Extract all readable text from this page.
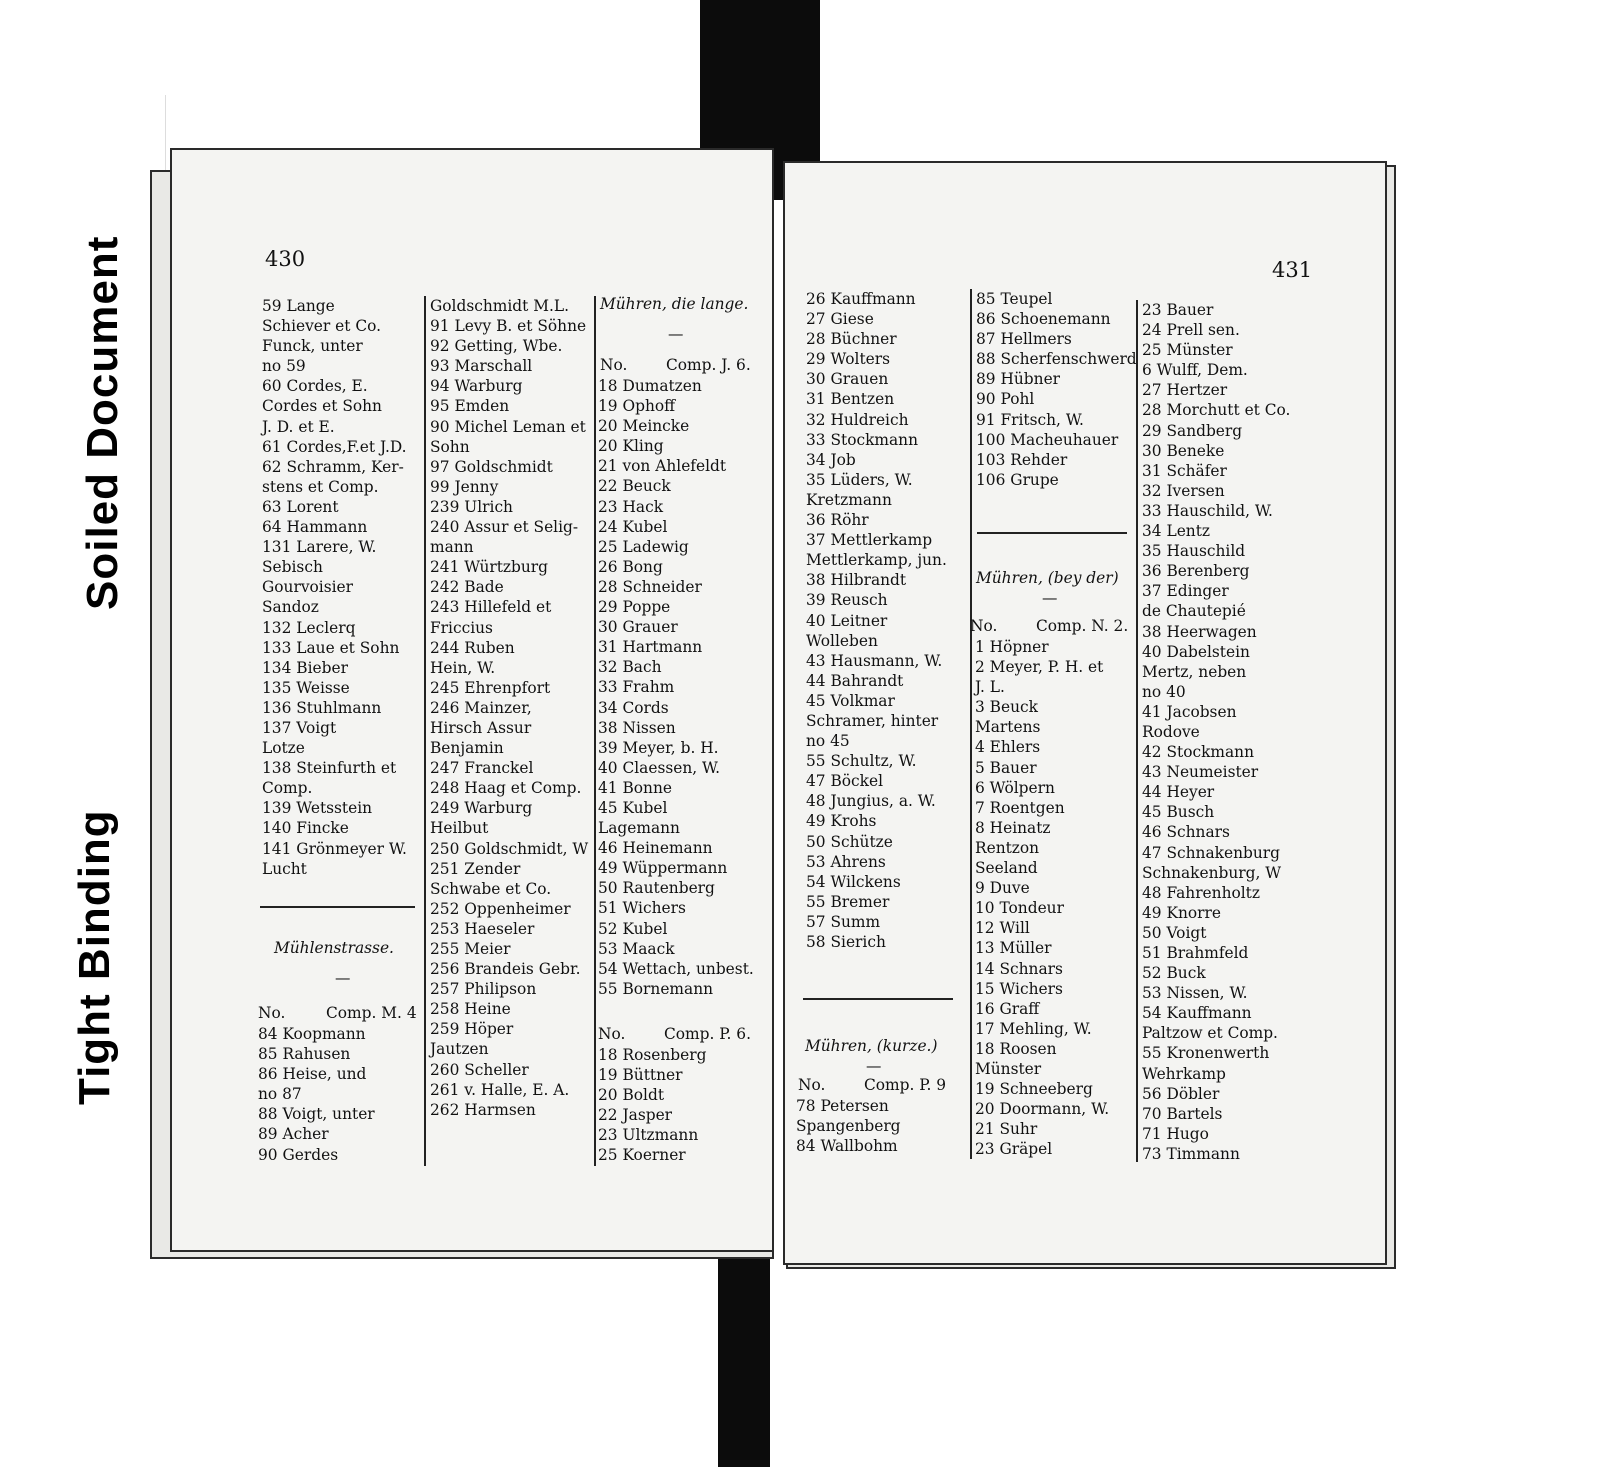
Tight Binding
Soiled Document	430
59 Lange
Schiever et Co.
Funck, unter
no 59
60 Cordes, E.
Cordes et Sohn
J. D. et E.
61 Cordes,F.et J.D.
62 Schramm, Ker-
stens et Comp.
63 Lorent
64 Hammann
131 Larere, W.
Sebisch
Gourvoisier
Sandoz
132 Leclerq
133 Laue et Sohn
134 Bieber
135 Weisse
136 Stuhlmann
137 Voigt
Lotze
138 Steinfurth et
Comp.
139 Wetsstein
140 Fincke
141 Grönmeyer W.
Lucht
Mühlenstrasse.
—
No.	Comp. M. 4
84 Koopmann
85 Rahusen
86 Heise, und
no 87
88 Voigt, unter
89 Acher
90 Gerdes
Goldschmidt M.L.
91 Levy B. et Söhne
92 Getting, Wbe.
93 Marschall
94 Warburg
95 Emden
90 Michel Leman et
Sohn
97 Goldschmidt
99 Jenny
239 Ulrich
240 Assur et Selig-
mann
241 Würtzburg
242 Bade
243 Hillefeld et
Friccius
244 Ruben
Hein, W.
245 Ehrenpfort
246 Mainzer,
Hirsch Assur
Benjamin
247 Franckel
248 Haag et Comp.
249 Warburg
Heilbut
250 Goldschmidt, W
251 Zender
Schwabe et Co.
252 Oppenheimer
253 Haeseler
255 Meier
256 Brandeis Gebr.
257 Philipson
258 Heine
259 Höper
Jautzen
260 Scheller
261 v. Halle, E. A.
262 Harmsen
Mühren, die lange.
—
No.	Comp. J. 6.
18 Dumatzen
19 Ophoff
20 Meincke
20 Kling
21 von Ahlefeldt
22 Beuck
23 Hack
24 Kubel
25 Ladewig
26 Bong
28 Schneider
29 Poppe
30 Grauer
31 Hartmann
32 Bach
33 Frahm
34 Cords
38 Nissen
39 Meyer, b. H.
40 Claessen, W.
41 Bonne
45 Kubel
Lagemann
46 Heinemann
49 Wüppermann
50 Rautenberg
51 Wichers
52 Kubel
53 Maack
54 Wettach, unbest.
55 Bornemann
No.	Comp. P. 6.
18 Rosenberg
19 Büttner
20 Boldt
22 Jasper
23 Ultzmann
25 Koerner
431
26 Kauffmann
27 Giese
28 Büchner
29 Wolters
30 Grauen
31 Bentzen
32 Huldreich
33 Stockmann
34 Job
35 Lüders, W.
Kretzmann
36 Röhr
37 Mettlerkamp
Mettlerkamp, jun.
38 Hilbrandt
39 Reusch
40 Leitner
Wolleben
43 Hausmann, W.
44 Bahrandt
45 Volkmar
Schramer, hinter
no 45
55 Schultz, W.
47 Böckel
48 Jungius, a. W.
49 Krohs
50 Schütze
53 Ahrens
54 Wilckens
55 Bremer
57 Summ
58 Sierich
Mühren, (kurze.)
—
No.	Comp. P. 9
78 Petersen
Spangenberg
84 Wallbohm
85 Teupel
86 Schoenemann
87 Hellmers
88 Scherfenschwerd
89 Hübner
90 Pohl
91 Fritsch, W.
100 Macheuhauer
103 Rehder
106 Grupe
Mühren, (bey der)
—
No.	Comp. N. 2.
1 Höpner
2 Meyer, P. H. et
J. L.
3 Beuck
Martens
4 Ehlers
5 Bauer
6 Wölpern
7 Roentgen
8 Heinatz
Rentzon
Seeland
9 Duve
10 Tondeur
12 Will
13 Müller
14 Schnars
15 Wichers
16 Graff
17 Mehling, W.
18 Roosen
Münster
19 Schneeberg
20 Doormann, W.
21 Suhr
23 Gräpel
23 Bauer
24 Prell sen.
25 Münster
6 Wulff, Dem.
27 Hertzer
28 Morchutt et Co.
29 Sandberg
30 Beneke
31 Schäfer
32 Iversen
33 Hauschild, W.
34 Lentz
35 Hauschild
36 Berenberg
37 Edinger
de Chautepié
38 Heerwagen
40 Dabelstein
Mertz, neben
no 40
41 Jacobsen
Rodove
42 Stockmann
43 Neumeister
44 Heyer
45 Busch
46 Schnars
47 Schnakenburg
Schnakenburg, W
48 Fahrenholtz
49 Knorre
50 Voigt
51 Brahmfeld
52 Buck
53 Nissen, W.
54 Kauffmann
Paltzow et Comp.
55 Kronenwerth
Wehrkamp
56 Döbler
70 Bartels
71 Hugo
73 Timmann
